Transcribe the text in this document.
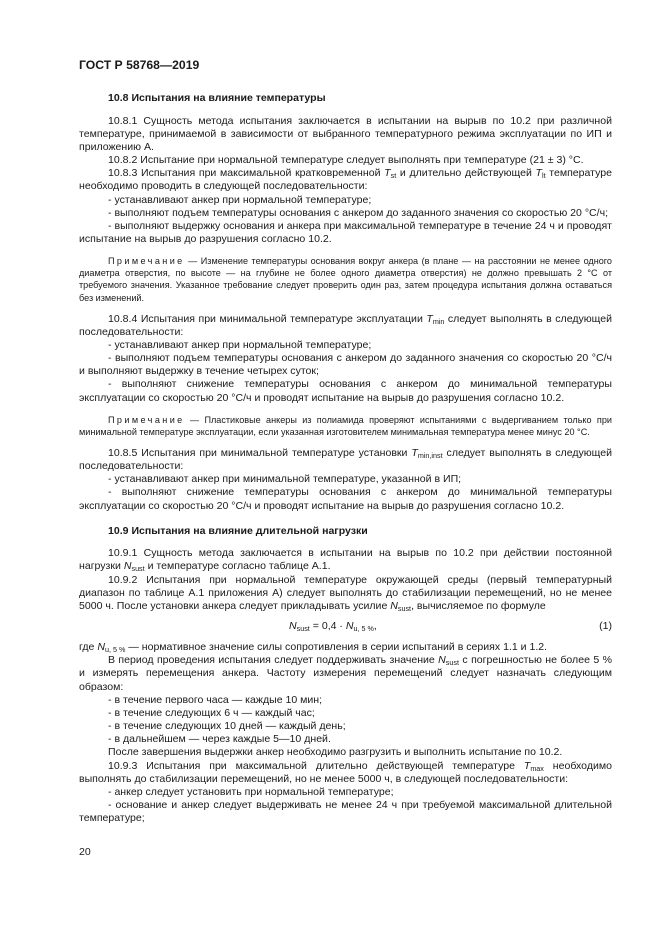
ГОСТ Р 58768—2019
10.8 Испытания на влияние температуры

10.8.1 Сущность метода испытания заключается в испытании на вырыв по 10.2 при различной температуре, принимаемой в зависимости от выбранного температурного режима эксплуатации по ИП и приложению А.

10.8.2 Испытание при нормальной температуре следует выполнять при температуре (21 ± 3) °С.

10.8.3 Испытания при максимальной кратковременной $T_{st}$ и длительно действующей $T_{lt}$ температуре необходимо проводить в следующей последовательности:

- устанавливают анкер при нормальной температуре;

- выполняют подъем температуры основания с анкером до заданного значения со скоростью 20 °С/ч;

- выполняют выдержку основания и анкера при максимальной температуре в течение 24 ч и проводят испытание на вырыв до разрушения согласно 10.2.

Примечание — Изменение температуры основания вокруг анкера (в плане — на расстоянии не менее одного диаметра отверстия, по высоте — на глубине не более одного диаметра отверстия) не должно превышать 2 °С от требуемого значения. Указанное требование следует проверить один раз, затем процедура испытания должна оставаться без изменений.

10.8.4 Испытания при минимальной температуре эксплуатации $T_{min}$ следует выполнять в следующей последовательности:

- устанавливают анкер при нормальной температуре;

- выполняют подъем температуры основания с анкером до заданного значения со скоростью 20 °С/ч и выполняют выдержку в течение четырех суток;

- выполняют снижение температуры основания с анкером до минимальной температуры эксплуатации со скоростью 20 °С/ч и проводят испытание на вырыв до разрушения согласно 10.2.

Примечание — Пластиковые анкеры из полиамида проверяют испытаниями с выдергиванием только при минимальной температуре эксплуатации, если указанная изготовителем минимальная температура менее минус 20 °С.

10.8.5 Испытания при минимальной температуре установки $T_{min,inst}$ следует выполнять в следующей последовательности:

- устанавливают анкер при минимальной температуре, указанной в ИП;

- выполняют снижение температуры основания с анкером до минимальной температуры эксплуатации со скоростью 20 °С/ч и проводят испытание на вырыв до разрушения согласно 10.2.

10.9 Испытания на влияние длительной нагрузки

10.9.1 Сущность метода заключается в испытании на вырыв по 10.2 при действии постоянной нагрузки $N_{sust}$ и температуре согласно таблице А.1.

10.9.2 Испытания при нормальной температуре окружающей среды (первый температурный диапазон по таблице А.1 приложения А) следует выполнять до стабилизации перемещений, но не менее 5000 ч. После установки анкера следует прикладывать усилие $N_{sust}$, вычисляемое по формуле

$N_{sust} = 0,4 \cdot N_{u, 5 \%}$,	(1)

где $N_{u, 5 \%}$ — нормативное значение силы сопротивления в серии испытаний в сериях 1.1 и 1.2.

В период проведения испытания следует поддерживать значение $N_{sust}$ с погрешностью не более 5 % и измерять перемещения анкера. Частоту измерения перемещений следует назначать следующим образом:

- в течение первого часа — каждые 10 мин;

- в течение следующих 6 ч — каждый час;

- в течение следующих 10 дней — каждый день;

- в дальнейшем — через каждые 5—10 дней.

После завершения выдержки анкер необходимо разгрузить и выполнить испытание по 10.2.

10.9.3 Испытания при максимальной длительно действующей температуре $T_{max}$ необходимо выполнять до стабилизации перемещений, но не менее 5000 ч, в следующей последовательности:

- анкер следует установить при нормальной температуре;

- основание и анкер следует выдерживать не менее 24 ч при требуемой максимальной длительной температуре;

20
